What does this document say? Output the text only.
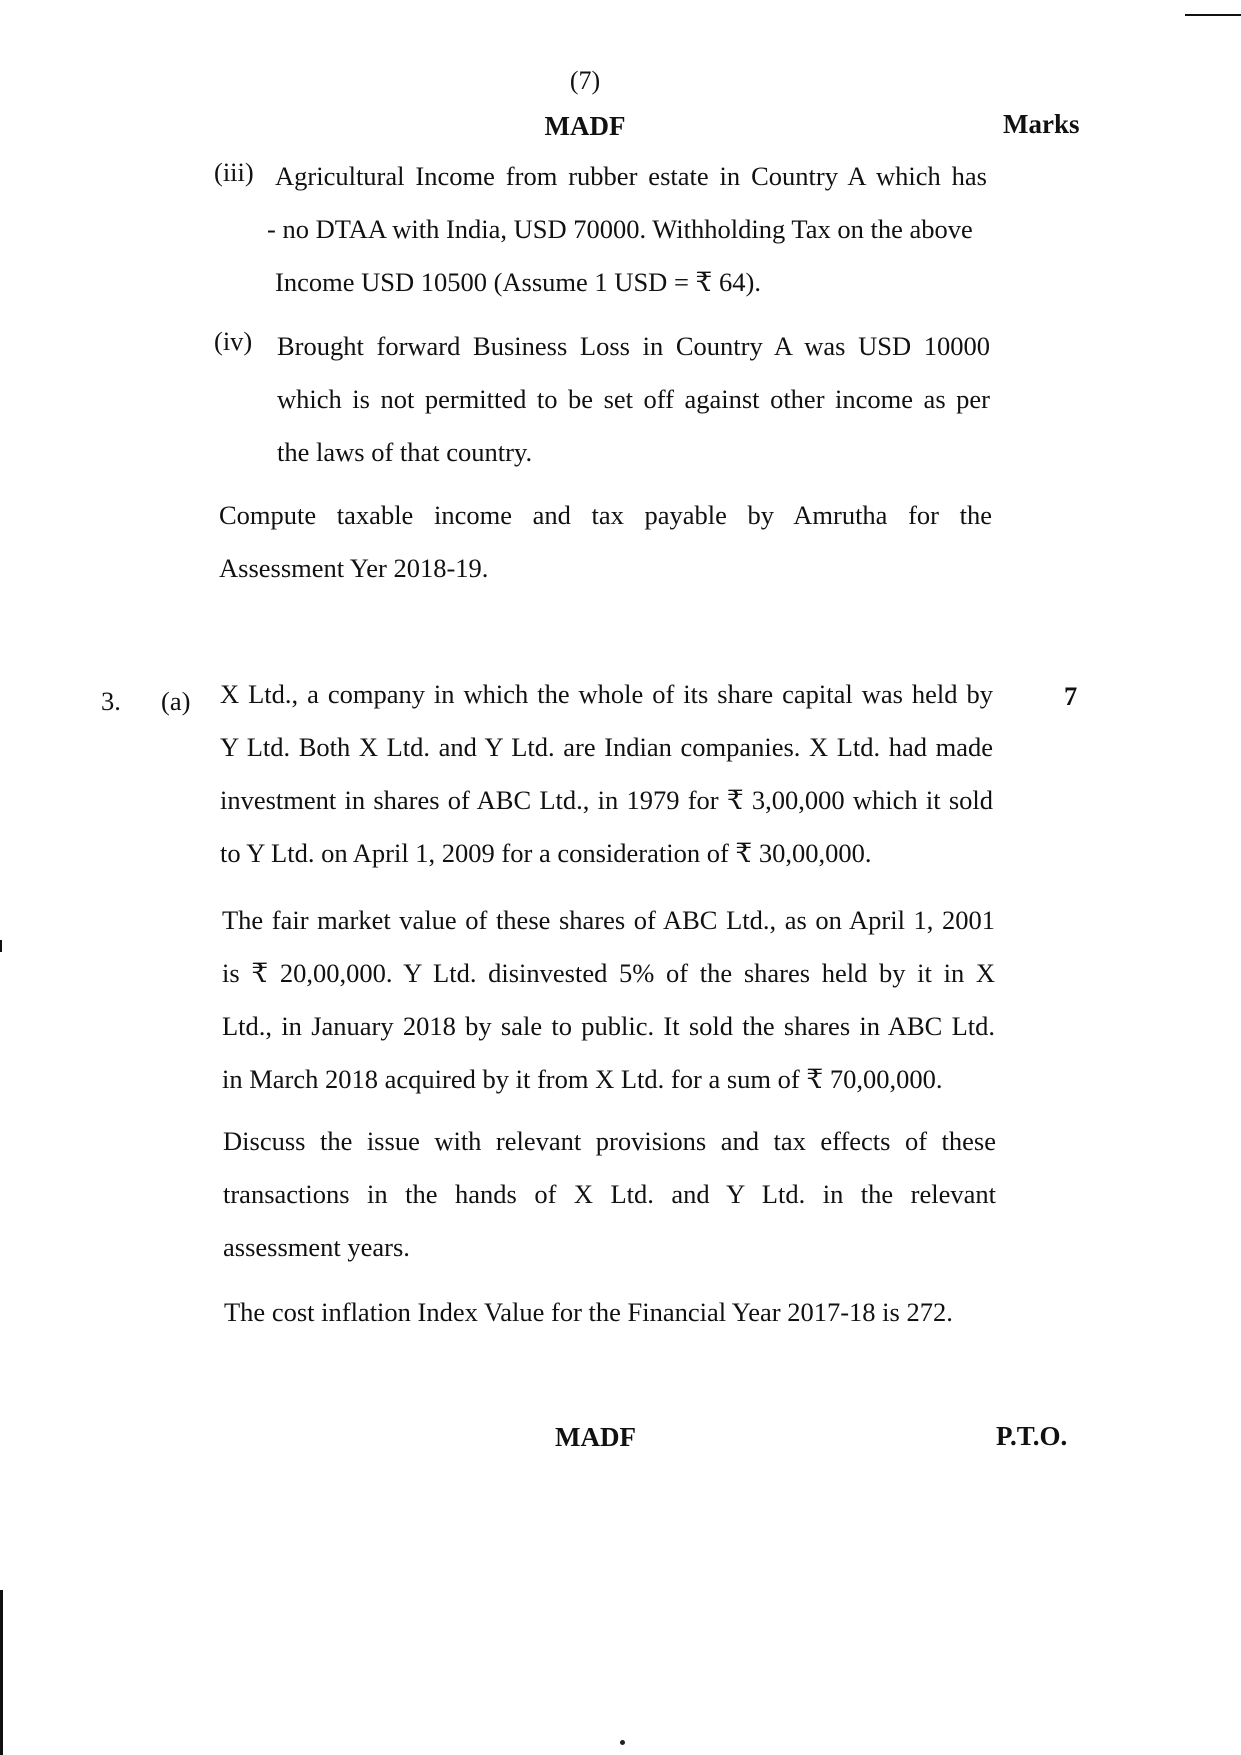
(7)
MADF	Marks
(iii) Agricultural Income from rubber estate in Country A which has
- no DTAA with India, USD 70000. Withholding Tax on the above
Income USD 10500 (Assume 1 USD = ₹ 64).
(iv) Brought forward Business Loss in Country A was USD 10000
which is not permitted to be set off against other income as per
the laws of that country.
Compute taxable income and tax payable by Amrutha for the
Assessment Yer 2018-19.
3. (a)	7
X Ltd., a company in which the whole of its share capital was held by
Y Ltd. Both X Ltd. and Y Ltd. are Indian companies. X Ltd. had made
investment in shares of ABC Ltd., in 1979 for ₹ 3,00,000 which it sold
to Y Ltd. on April 1, 2009 for a consideration of ₹ 30,00,000.
The fair market value of these shares of ABC Ltd., as on April 1, 2001
is ₹ 20,00,000. Y Ltd. disinvested 5% of the shares held by it in X
Ltd., in January 2018 by sale to public. It sold the shares in ABC Ltd.
in March 2018 acquired by it from X Ltd. for a sum of ₹ 70,00,000.
Discuss the issue with relevant provisions and tax effects of these
transactions in the hands of X Ltd. and Y Ltd. in the relevant
assessment years.
The cost inflation Index Value for the Financial Year 2017-18 is 272.
MADF	P.T.O.
